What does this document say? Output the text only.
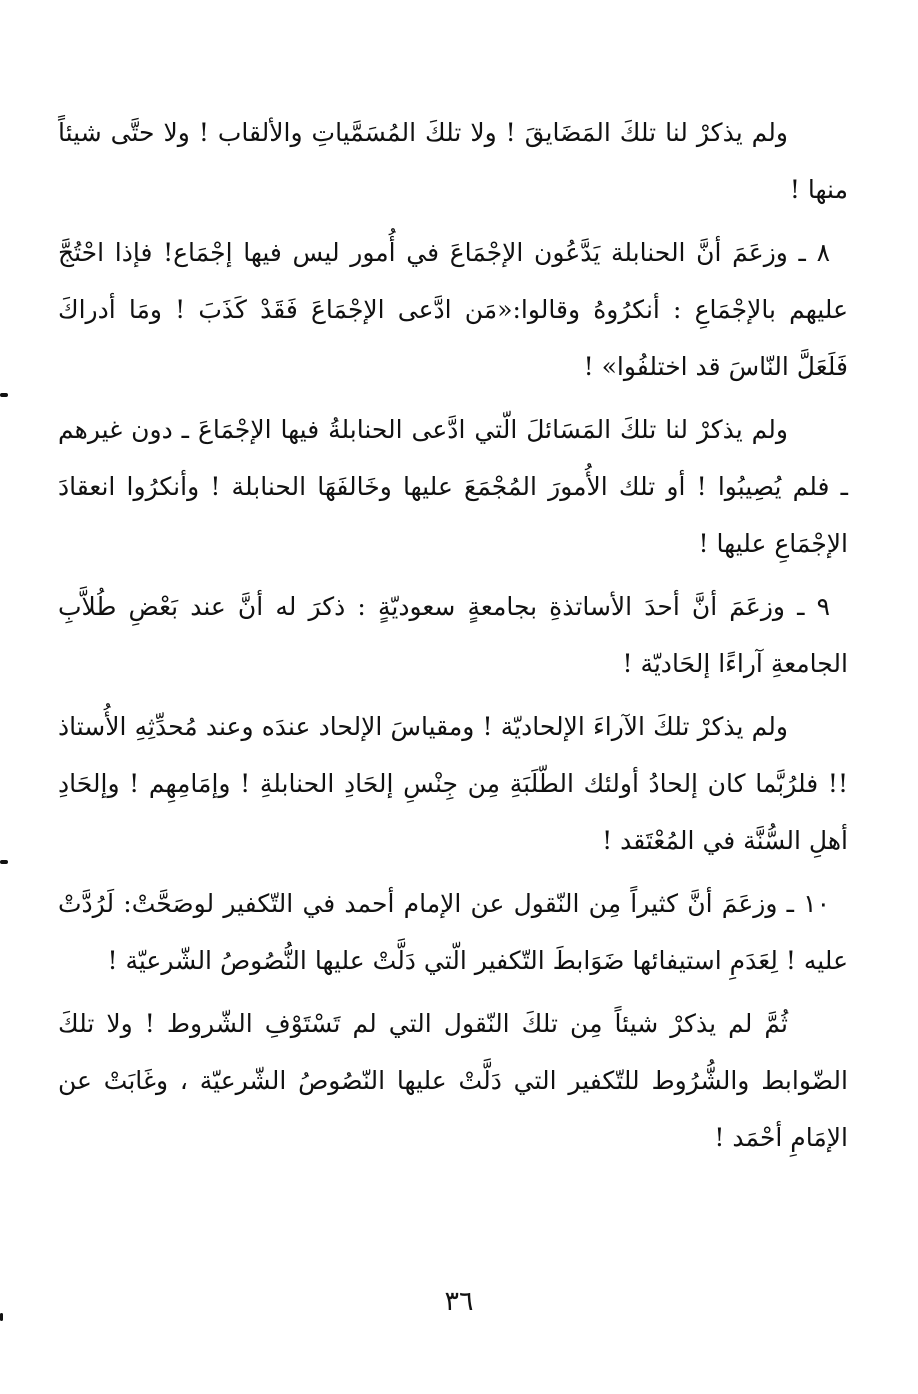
ولم يذكرْ لنا تلكَ المَضَايقَ ! ولا تلكَ المُسَمَّياتِ والألقاب ! ولا حتَّى شيئاً منها !

٨ ـ وزعَمَ أنَّ الحنابلة يَدَّعُون الإجْمَاعَ في أُمور ليس فيها إجْمَاع! فإذا احْتُجَّ عليهم بالإجْمَاعِ : أنكرُوهُ وقالوا:«مَن ادَّعى الإجْمَاعَ فَقَدْ كَذَبَ ! ومَا أدراكَ فَلَعَلَّ النّاسَ قد اختلفُوا» !

ولم يذكرْ لنا تلكَ المَسَائلَ الّتي ادَّعى الحنابلةُ فيها الإجْمَاعَ ـ دون غيرهم ـ فلم يُصِيبُوا ! أو تلك الأُمورَ المُجْمَعَ عليها وخَالفَهَا الحنابلة ! وأنكرُوا انعقادَ الإجْمَاعِ عليها !

٩ ـ وزعَمَ أنَّ أحدَ الأساتذةِ بجامعةٍ سعوديّةٍ : ذكرَ له أنَّ عند بَعْضِ طُلاَّبِ الجامعةِ آراءًا إلحَاديّة !

ولم يذكرْ تلكَ الآراءَ الإلحاديّة ! ومقياسَ الإلحاد عندَه وعند مُحدِّثِهِ الأُستاذ !! فلرُبَّما كان إلحادُ أولئك الطّلَبَةِ مِن جِنْسِ إلحَادِ الحنابلةِ ! وإمَامِهِم ! وإلحَادِ أهلِ السُّنَّة في المُعْتَقد !

١٠ ـ وزعَمَ أنَّ كثيراً مِن النّقول عن الإمام أحمد في التّكفير لوصَحَّتْ: لَرُدَّتْ عليه ! لِعَدَمِ استيفائها ضَوَابطَ التّكفير الّتي دَلَّتْ عليها النُّصُوصُ الشّرعيّة !

ثُمَّ لم يذكرْ شيئاً مِن تلكَ النّقول التي لم تَسْتَوْفِ الشّروط ! ولا تلكَ الضّوابط والشُّرُوط للتّكفير التي دَلَّتْ عليها النّصُوصُ الشّرعيّة ، وغَابَتْ عن الإمَامِ أحْمَد !

٣٦
